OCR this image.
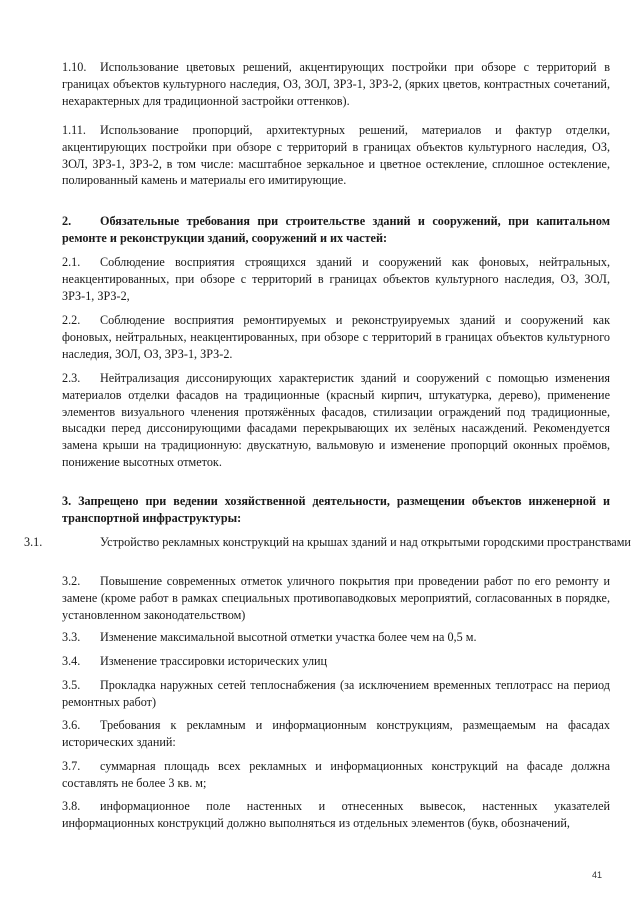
1.10. Использование цветовых решений, акцентирующих постройки при обзоре с территорий в границах объектов культурного наследия, ОЗ, ЗОЛ, ЗРЗ-1, ЗРЗ-2, (ярких цветов, контрастных сочетаний, нехарактерных для традиционной застройки оттенков).

1.11. Использование пропорций, архитектурных решений, материалов и фактур отделки, акцентирующих постройки при обзоре с территорий в границах объектов культурного наследия, ОЗ, ЗОЛ, ЗРЗ-1, ЗРЗ-2, в том числе: масштабное зеркальное и цветное остекление, сплошное остекление, полированный камень и материалы его имитирующие.

2. Обязательные требования при строительстве зданий и сооружений, при капитальном ремонте и реконструкции зданий, сооружений и их частей:

2.1. Соблюдение восприятия строящихся зданий и сооружений как фоновых, нейтральных, неакцентированных, при обзоре с территорий в границах объектов культурного наследия, ОЗ, ЗОЛ, ЗРЗ-1, ЗРЗ-2,

2.2. Соблюдение восприятия ремонтируемых и реконструируемых зданий и сооружений как фоновых, нейтральных, неакцентированных, при обзоре с территорий в границах объектов культурного наследия, ЗОЛ, ОЗ, ЗРЗ-1, ЗРЗ-2.

2.3. Нейтрализация диссонирующих характеристик зданий и сооружений с помощью изменения материалов отделки фасадов на традиционные (красный кирпич, штукатурка, дерево), применение элементов визуального членения протяжённых фасадов, стилизации ограждений под традиционные, высадки перед диссонирующими фасадами перекрывающих их зелёных насаждений. Рекомендуется замена крыши на традиционную: двускатную, вальмовую и изменение пропорций оконных проёмов, понижение высотных отметок.

3. Запрещено при ведении хозяйственной деятельности, размещении объектов инженерной и транспортной инфраструктуры:

3.1.	Устройство рекламных конструкций на крышах зданий и над открытыми городскими пространствами

3.2. Повышение современных отметок уличного покрытия при проведении работ по его ремонту и замене (кроме работ в рамках специальных противопаводковых мероприятий, согласованных в порядке, установленном законодательством)

3.3. Изменение максимальной высотной отметки участка более чем на 0,5 м.

3.4. Изменение трассировки исторических улиц

3.5. Прокладка наружных сетей теплоснабжения (за исключением временных теплотрасс на период ремонтных работ)

3.6. Требования к рекламным и информационным конструкциям, размещаемым на фасадах исторических зданий:

3.7. суммарная площадь всех рекламных и информационных конструкций на фасаде должна составлять не более 3 кв. м;

3.8. информационное поле настенных и отнесенных вывесок, настенных указателей информационных конструкций должно выполняться из отдельных элементов (букв, обозначений,

41
